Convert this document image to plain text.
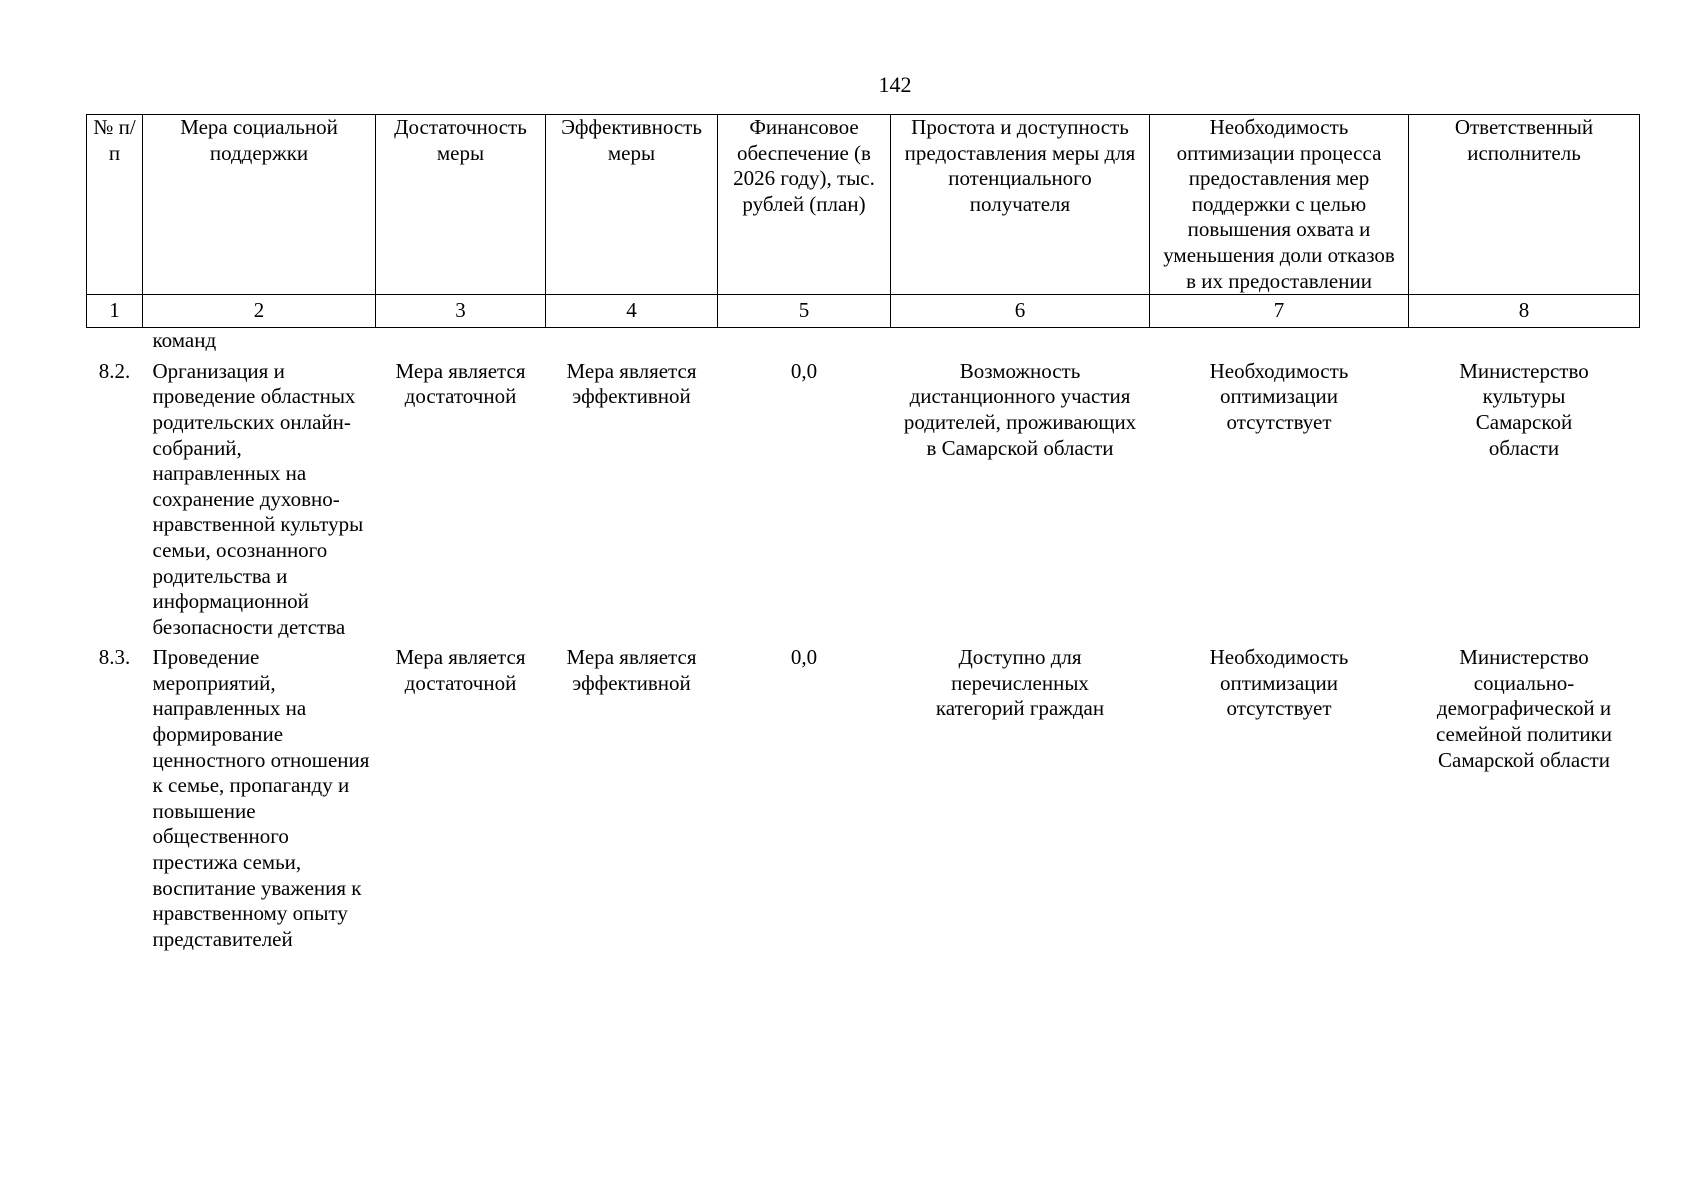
142
№ п/п	Мера социальной поддержки	Достаточность меры	Эффективность меры	Финансовое обеспечение (в 2026 году), тыс. рублей (план)	Простота и доступность предоставления меры для потенциального получателя	Необходимость оптимизации процесса предоставления мер поддержки с целью повышения охвата и уменьшения доли отказов в их предоставлении	Ответственный исполнитель
1	2	3	4	5	6	7	8
	команд						
8.2.	Организация и проведение областных родительских онлайн-собраний, направленных на сохранение духовно-нравственной культуры семьи, осознанного родительства и информационной безопасности детства	Мера является достаточной	Мера является эффективной	0,0	Возможность дистанционного участия родителей, проживающих в Самарской области	Необходимость оптимизации отсутствует	Министерство культуры Самарской области
8.3.	Проведение мероприятий, направленных на формирование ценностного отношения к семье, пропаганду и повышение общественного престижа семьи, воспитание уважения к нравственному опыту представителей	Мера является достаточной	Мера является эффективной	0,0	Доступно для перечисленных категорий граждан	Необходимость оптимизации отсутствует	Министерство социально-демографической и семейной политики Самарской области
